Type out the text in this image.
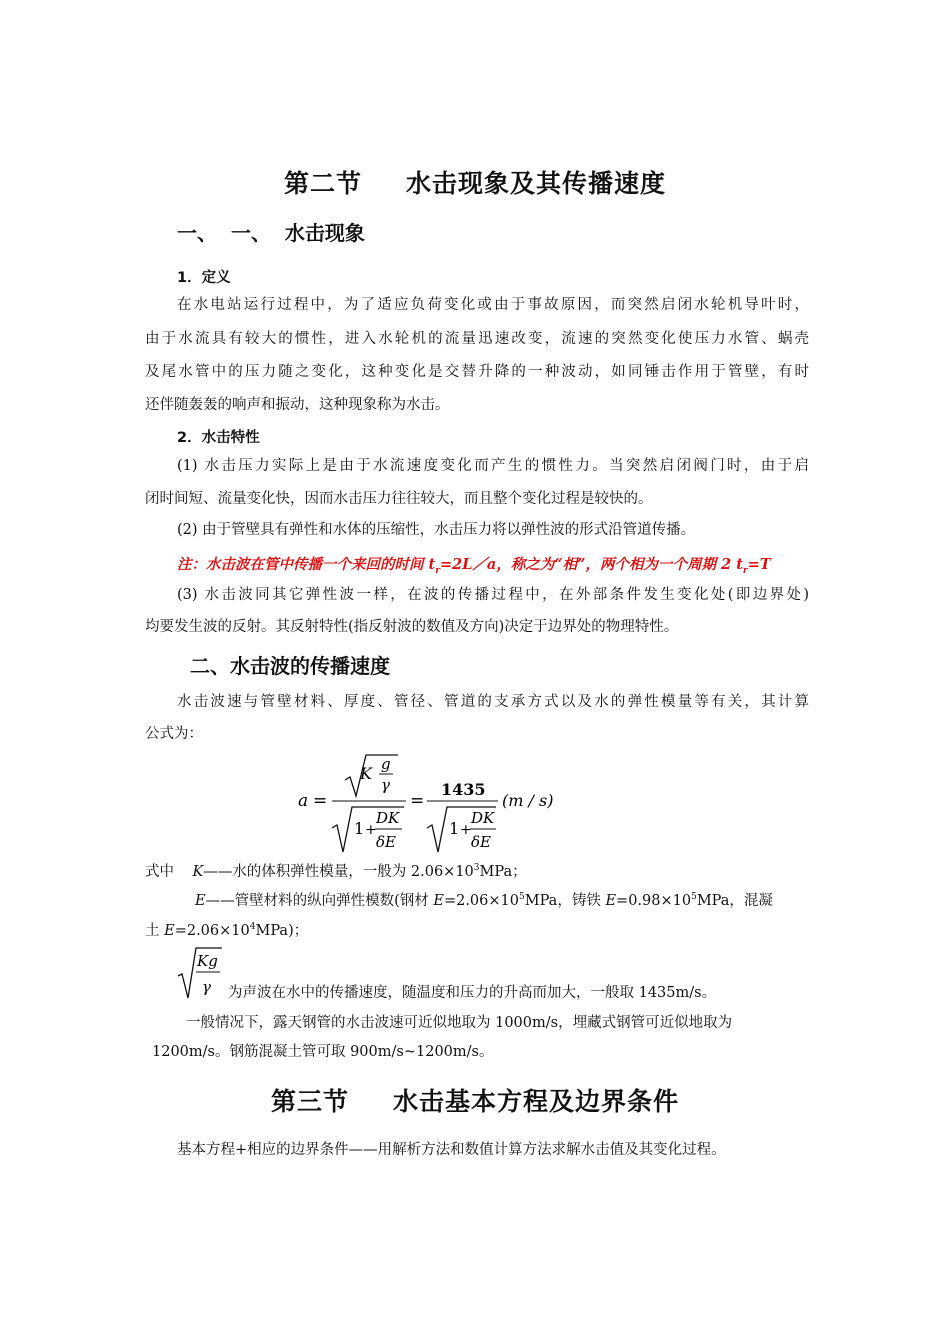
第二节 水击现象及其传播速度
一、 一、 水击现象
1．定义
在水电站运行过程中，为了适应负荷变化或由于事故原因，而突然启闭水轮机导叶时，
由于水流具有较大的惯性，进入水轮机的流量迅速改变，流速的突然变化使压力水管、蜗壳
及尾水管中的压力随之变化，这种变化是交替升降的一种波动，如同锤击作用于管壁，有时
还伴随轰轰的响声和振动，这种现象称为水击。
2．水击特性
(1) 水击压力实际上是由于水流速度变化而产生的惯性力。当突然启闭阀门时，由于启
闭时间短、流量变化快，因而水击压力往往较大，而且整个变化过程是较快的。
(2) 由于管壁具有弹性和水体的压缩性，水击压力将以弹性波的形式沿管道传播。
注：水击波在管中传播一个来回的时间 $t_r=2L/a$，称之为“相”，两个相为一个周期 2 $t_r=T$
(3) 水击波同其它弹性波一样，在波的传播过程中，在外部条件发生变化处(即边界处)
均要发生波的反射。其反射特性(指反射波的数值及方向)决定于边界处的物理特性。
二、水击波的传播速度
水击波速与管壁材料、厚度、管径、管道的支承方式以及水的弹性模量等有关，其计算
公式为：
a =
K g
γ
1 +
DK
δE
=
1435
1 +
DK
δE
(m / s)
式中 K——水的体积弹性模量，一般为 $2.06\times 10^3MPa$；
E——管壁材料的纵向弹性模数(钢材 $E=2.06\times 10^5MPa$，铸铁 $E=0.98\times 10^5MPa$，混凝
土 $E=2.06\times 10^4MPa$)；
Kg
γ 为声波在水中的传播速度，随温度和压力的升高而加大，一般取 1435m/s。
一般情况下，露天钢管的水击波速可近似地取为 1000m/s，埋藏式钢管可近似地取为
1200m/s。钢筋混凝土管可取 900m/s~1200m/s。
第三节 水击基本方程及边界条件
基本方程+相应的边界条件——用解析方法和数值计算方法求解水击值及其变化过程。
